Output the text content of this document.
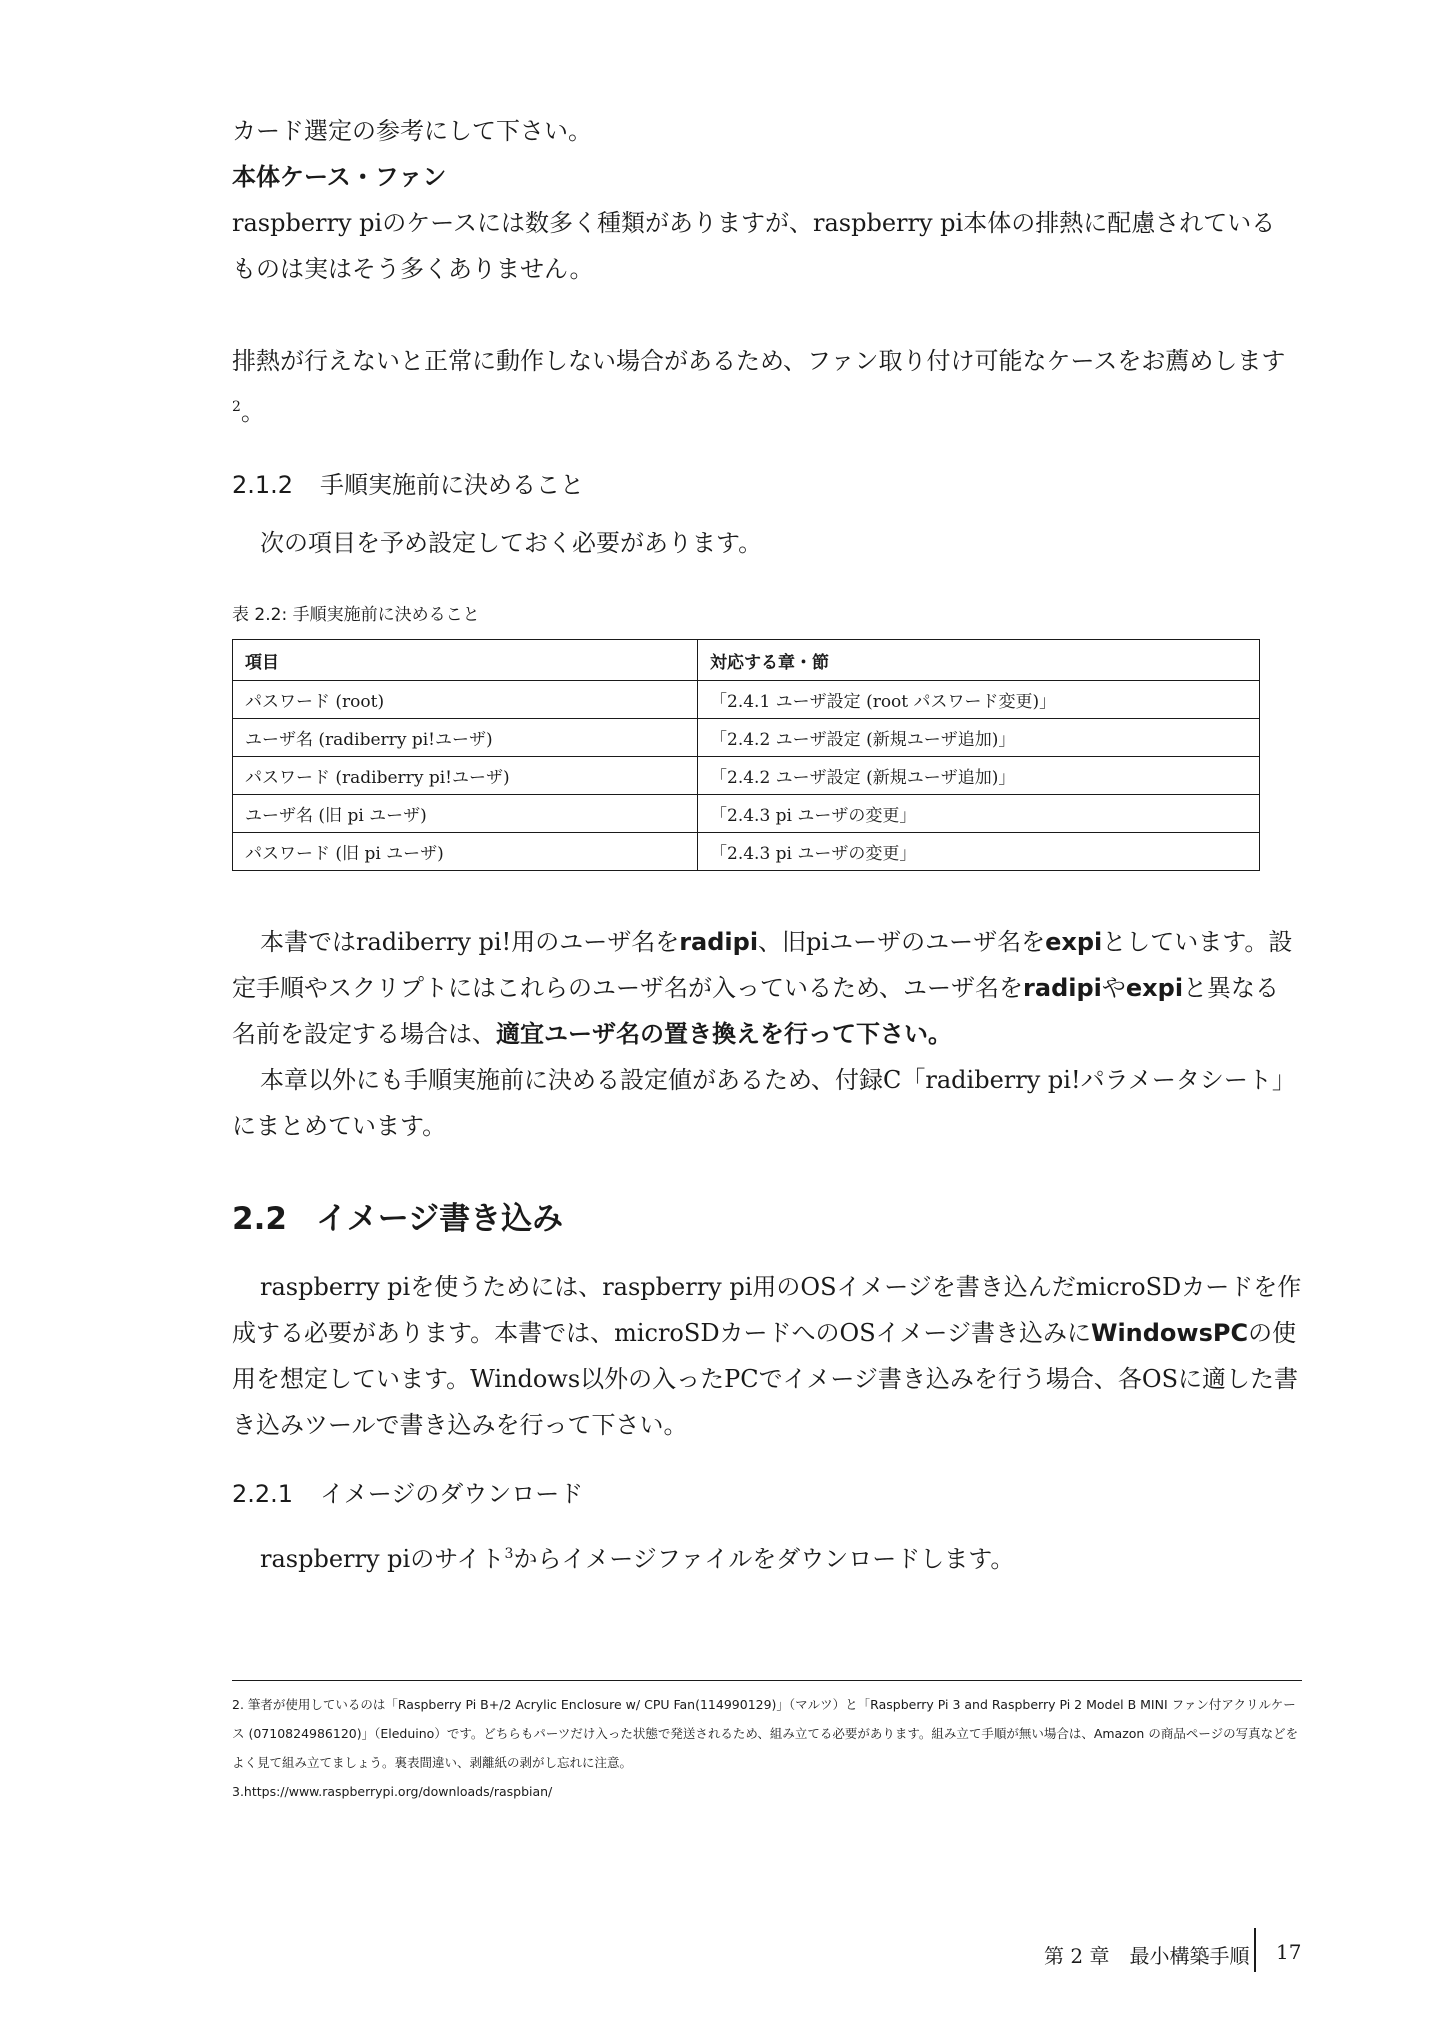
カード選定の参考にして下さい。

本体ケース・ファン

raspberry piのケースには数多く種類がありますが、raspberry pi本体の排熱に配慮されている ものは実はそう多くありません。

排熱が行えないと正常に動作しない場合があるため、ファン取り付け可能なケースをお薦めします$^2$。

2.1.2 手順実施前に決めること

次の項目を予め設定しておく必要があります。

表 2.2: 手順実施前に決めること

項目	対応する章・節
パスワード (root)	「2.4.1 ユーザ設定 (root パスワード変更)」
ユーザ名 (radiberry pi!ユーザ)	「2.4.2 ユーザ設定 (新規ユーザ追加)」
パスワード (radiberry pi!ユーザ)	「2.4.2 ユーザ設定 (新規ユーザ追加)」
ユーザ名 (旧 pi ユーザ)	「2.4.3 pi ユーザの変更」
パスワード (旧 pi ユーザ)	「2.4.3 pi ユーザの変更」

本書ではradiberry pi!用のユーザ名をradipi、旧piユーザのユーザ名をexpiとしています。設定手順やスクリプトにはこれらのユーザ名が入っているため、ユーザ名をradipiやexpiと異なる名前を設定する場合は、適宜ユーザ名の置き換えを行って下さい。

本章以外にも手順実施前に決める設定値があるため、付録C「radiberry pi!パラメータシート」にまとめています。

2.2 イメージ書き込み

raspberry piを使うためには、raspberry pi用のOSイメージを書き込んだmicroSDカードを作成する必要があります。本書では、microSDカードへのOSイメージ書き込みにWindowsPCの使用を想定しています。Windows以外の入ったPCでイメージ書き込みを行う場合、各OSに適した書き込みツールで書き込みを行って下さい。

2.2.1 イメージのダウンロード

raspberry piのサイト$^3$からイメージファイルをダウンロードします。

2. 筆者が使用しているのは「Raspberry Pi B+/2 Acrylic Enclosure w/ CPU Fan(114990129)」（マルツ）と「Raspberry Pi 3 and Raspberry Pi 2 Model B MINI ファン付アクリルケース (0710824986120)」（Eleduino）です。どちらもパーツだけ入った状態で発送されるため、組み立てる必要があります。組み立て手順が無い場合は、Amazon の商品ページの写真などをよく見て組み立てましょう。裏表間違い、剥離紙の剥がし忘れに注意。

3.https://www.raspberrypi.org/downloads/raspbian/

第 2 章　最小構築手順 17
